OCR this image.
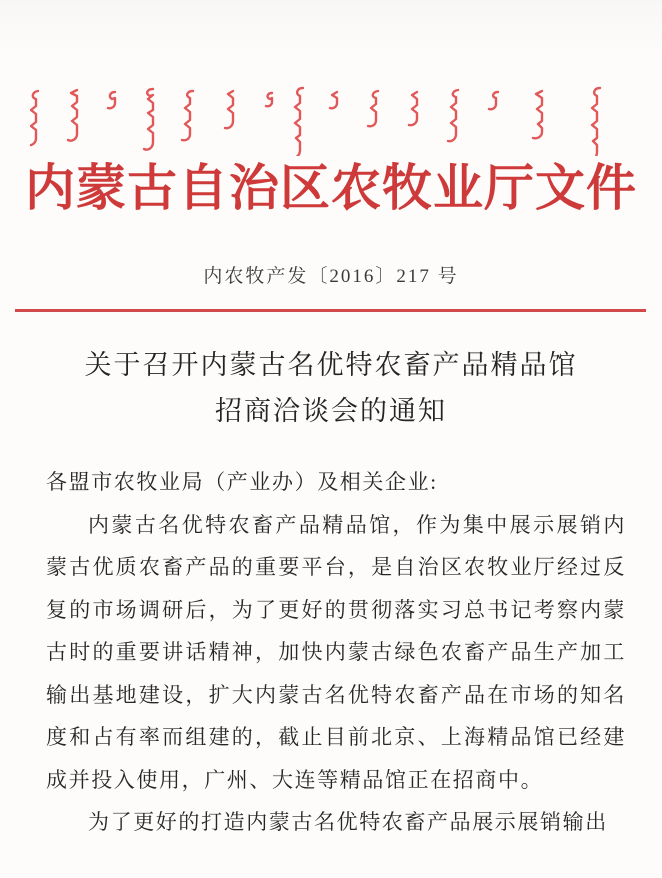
内蒙古自治区农牧业厅文件
内农牧产发〔2016〕217 号
关于召开内蒙古名优特农畜产品精品馆
招商洽谈会的通知

各盟市农牧业局（产业办）及相关企业:

内蒙古名优特农畜产品精品馆，作为集中展示展销内蒙古优质农畜产品的重要平台，是自治区农牧业厅经过反复的市场调研后，为了更好的贯彻落实习总书记考察内蒙古时的重要讲话精神，加快内蒙古绿色农畜产品生产加工输出基地建设，扩大内蒙古名优特农畜产品在市场的知名度和占有率而组建的，截止目前北京、上海精品馆已经建成并投入使用，广州、大连等精品馆正在招商中。

为了更好的打造内蒙古名优特农畜产品展示展销输出
